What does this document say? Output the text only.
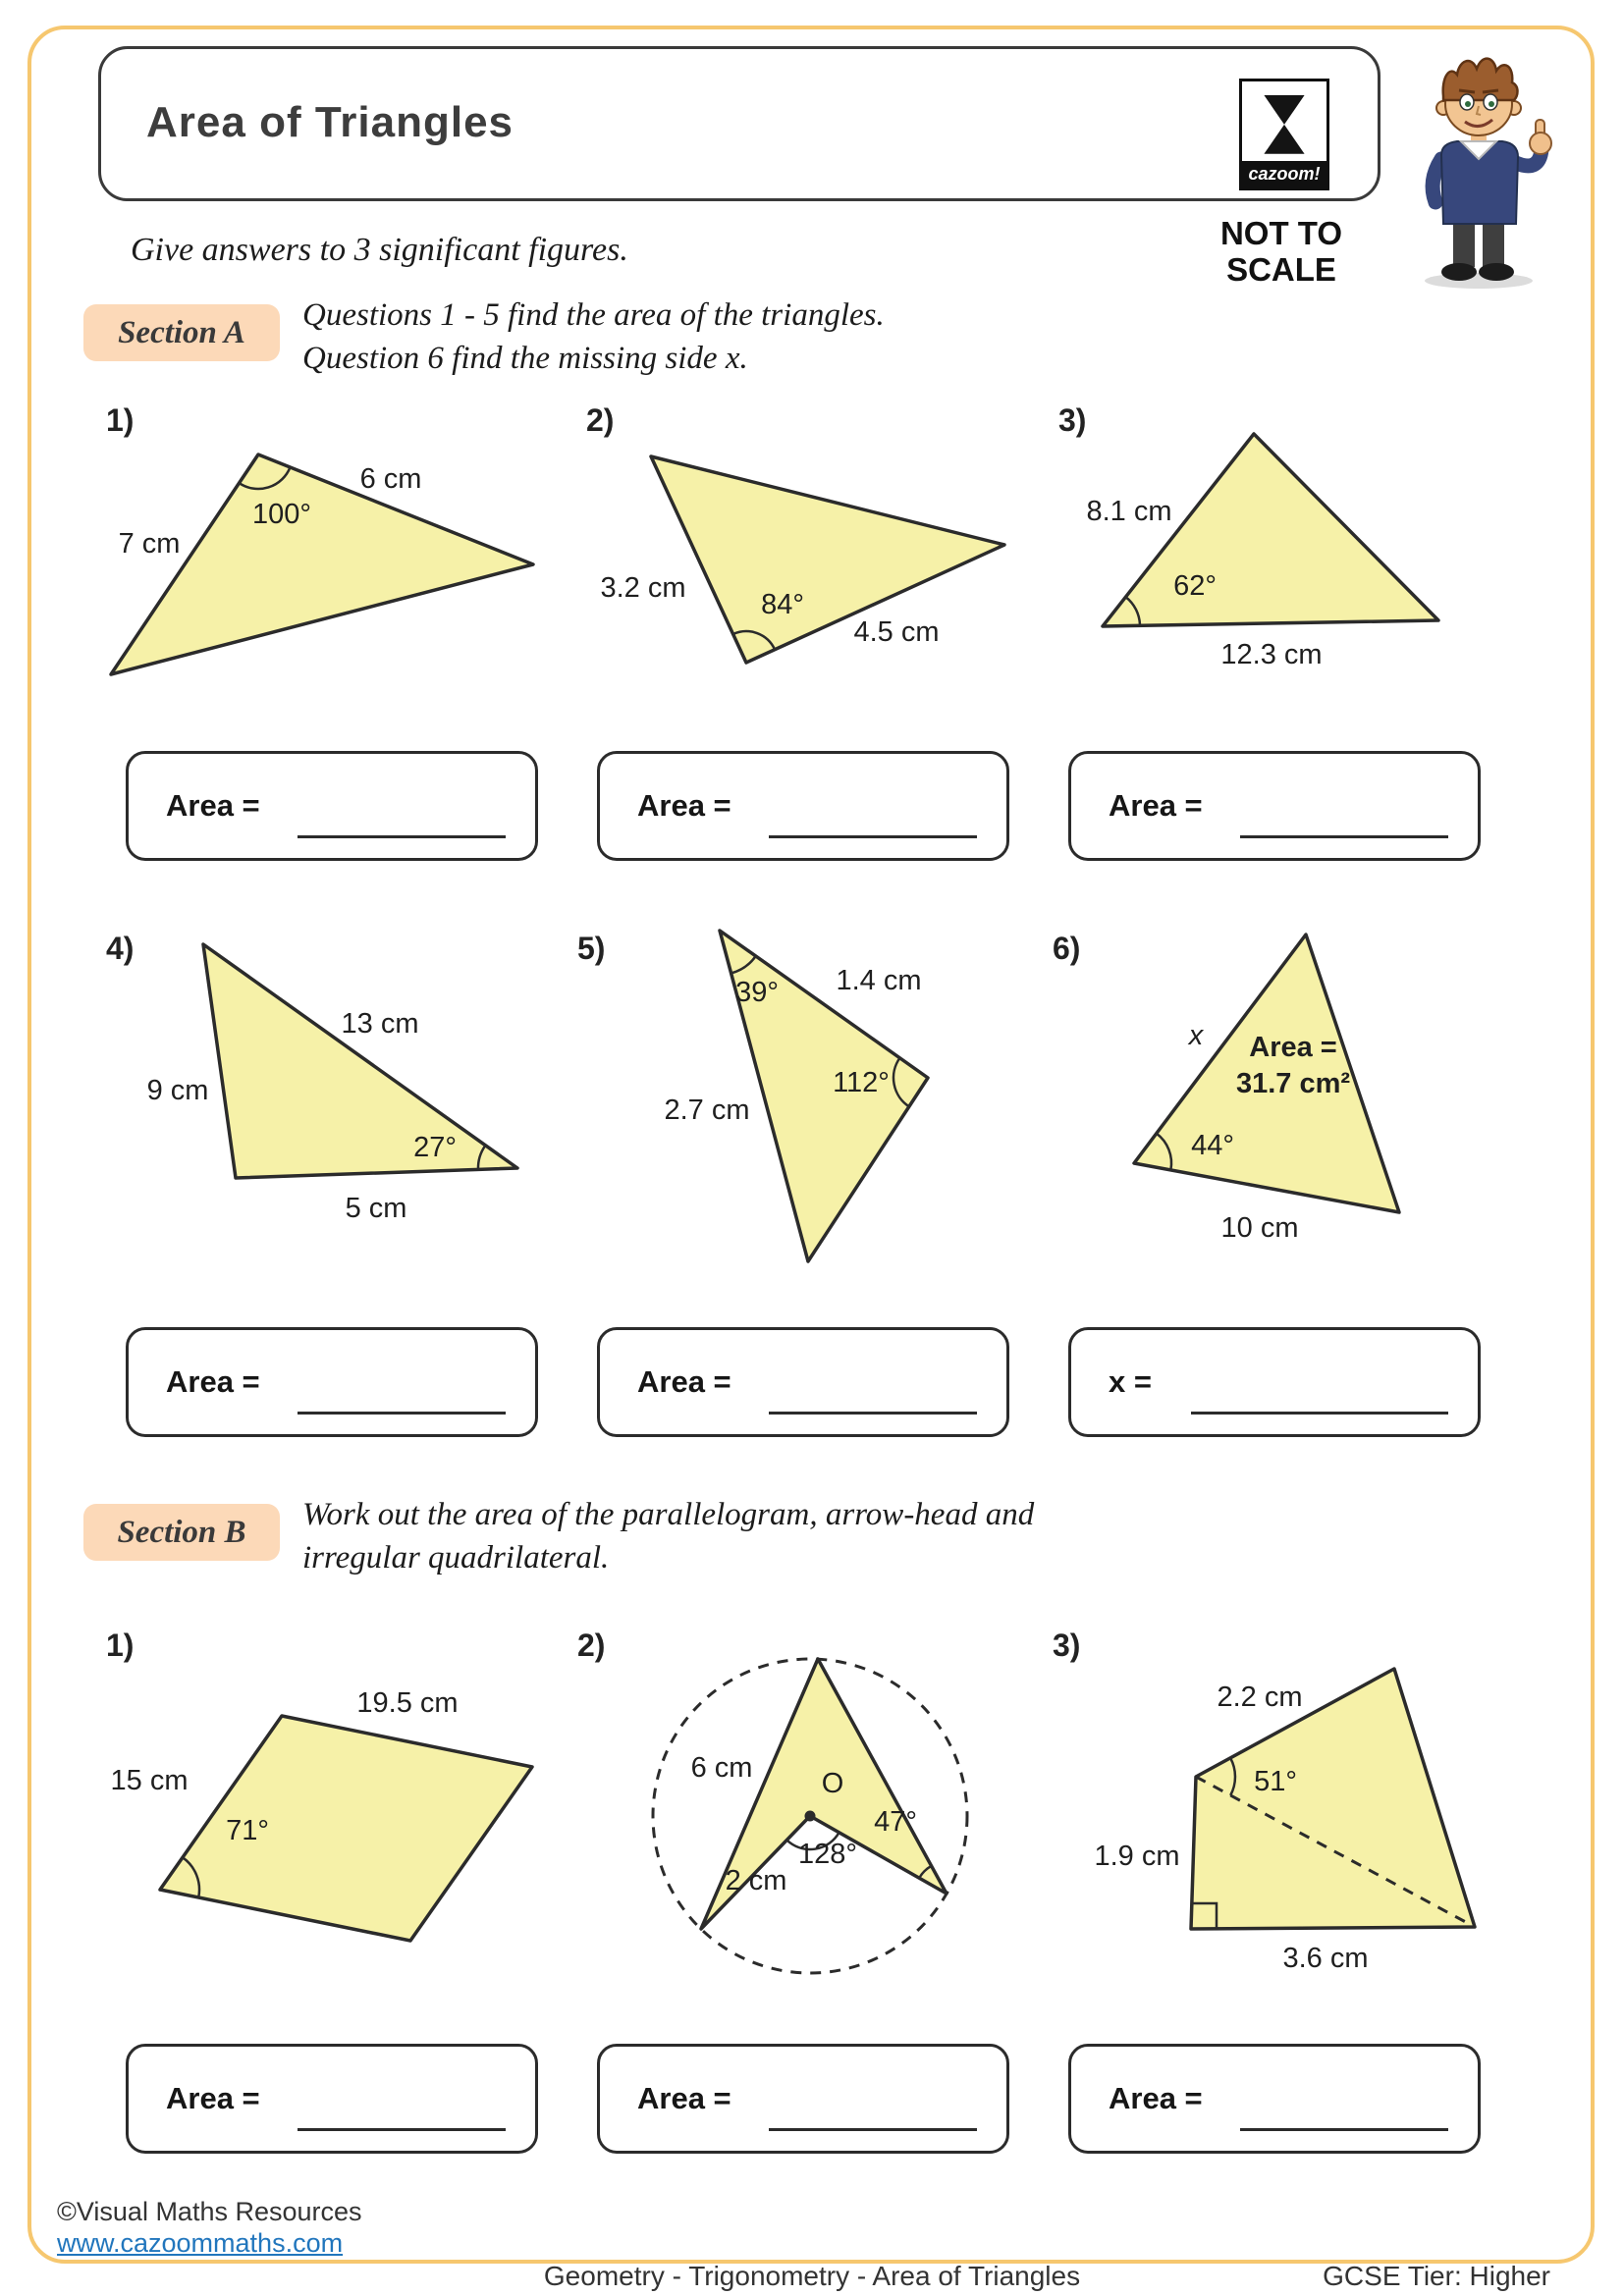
Area of Triangles
cazoom!
Give answers to 3 significant figures.	NOT TO
SCALE
Section A	Questions 1 - 5 find the area of the triangles.
Question 6 find the missing side x.
1)	2)	3)
100°
6 cm
7 cm
3.2 cm
84°
4.5 cm
8.1 cm
62°
12.3 cm
Area =	Area =	Area =
4)	5)	6)
13 cm
9 cm
27°
5 cm
39° 1.4 cm
112°
2.7 cm
x Area =
31.7 cm²
44°
10 cm
Area =	Area =	x =
Section B	Work out the area of the parallelogram, arrow-head and
irregular quadrilateral.
1)	2)	3)
19.5 cm
15 cm
71°
6 cm O
47°
128°
2 cm
2.2 cm
51°
1.9 cm
3.6 cm
Area =	Area =	Area =
©Visual Maths Resources
www.cazoommaths.com
Geometry - Trigonometry - Area of Triangles	GCSE Tier: Higher
